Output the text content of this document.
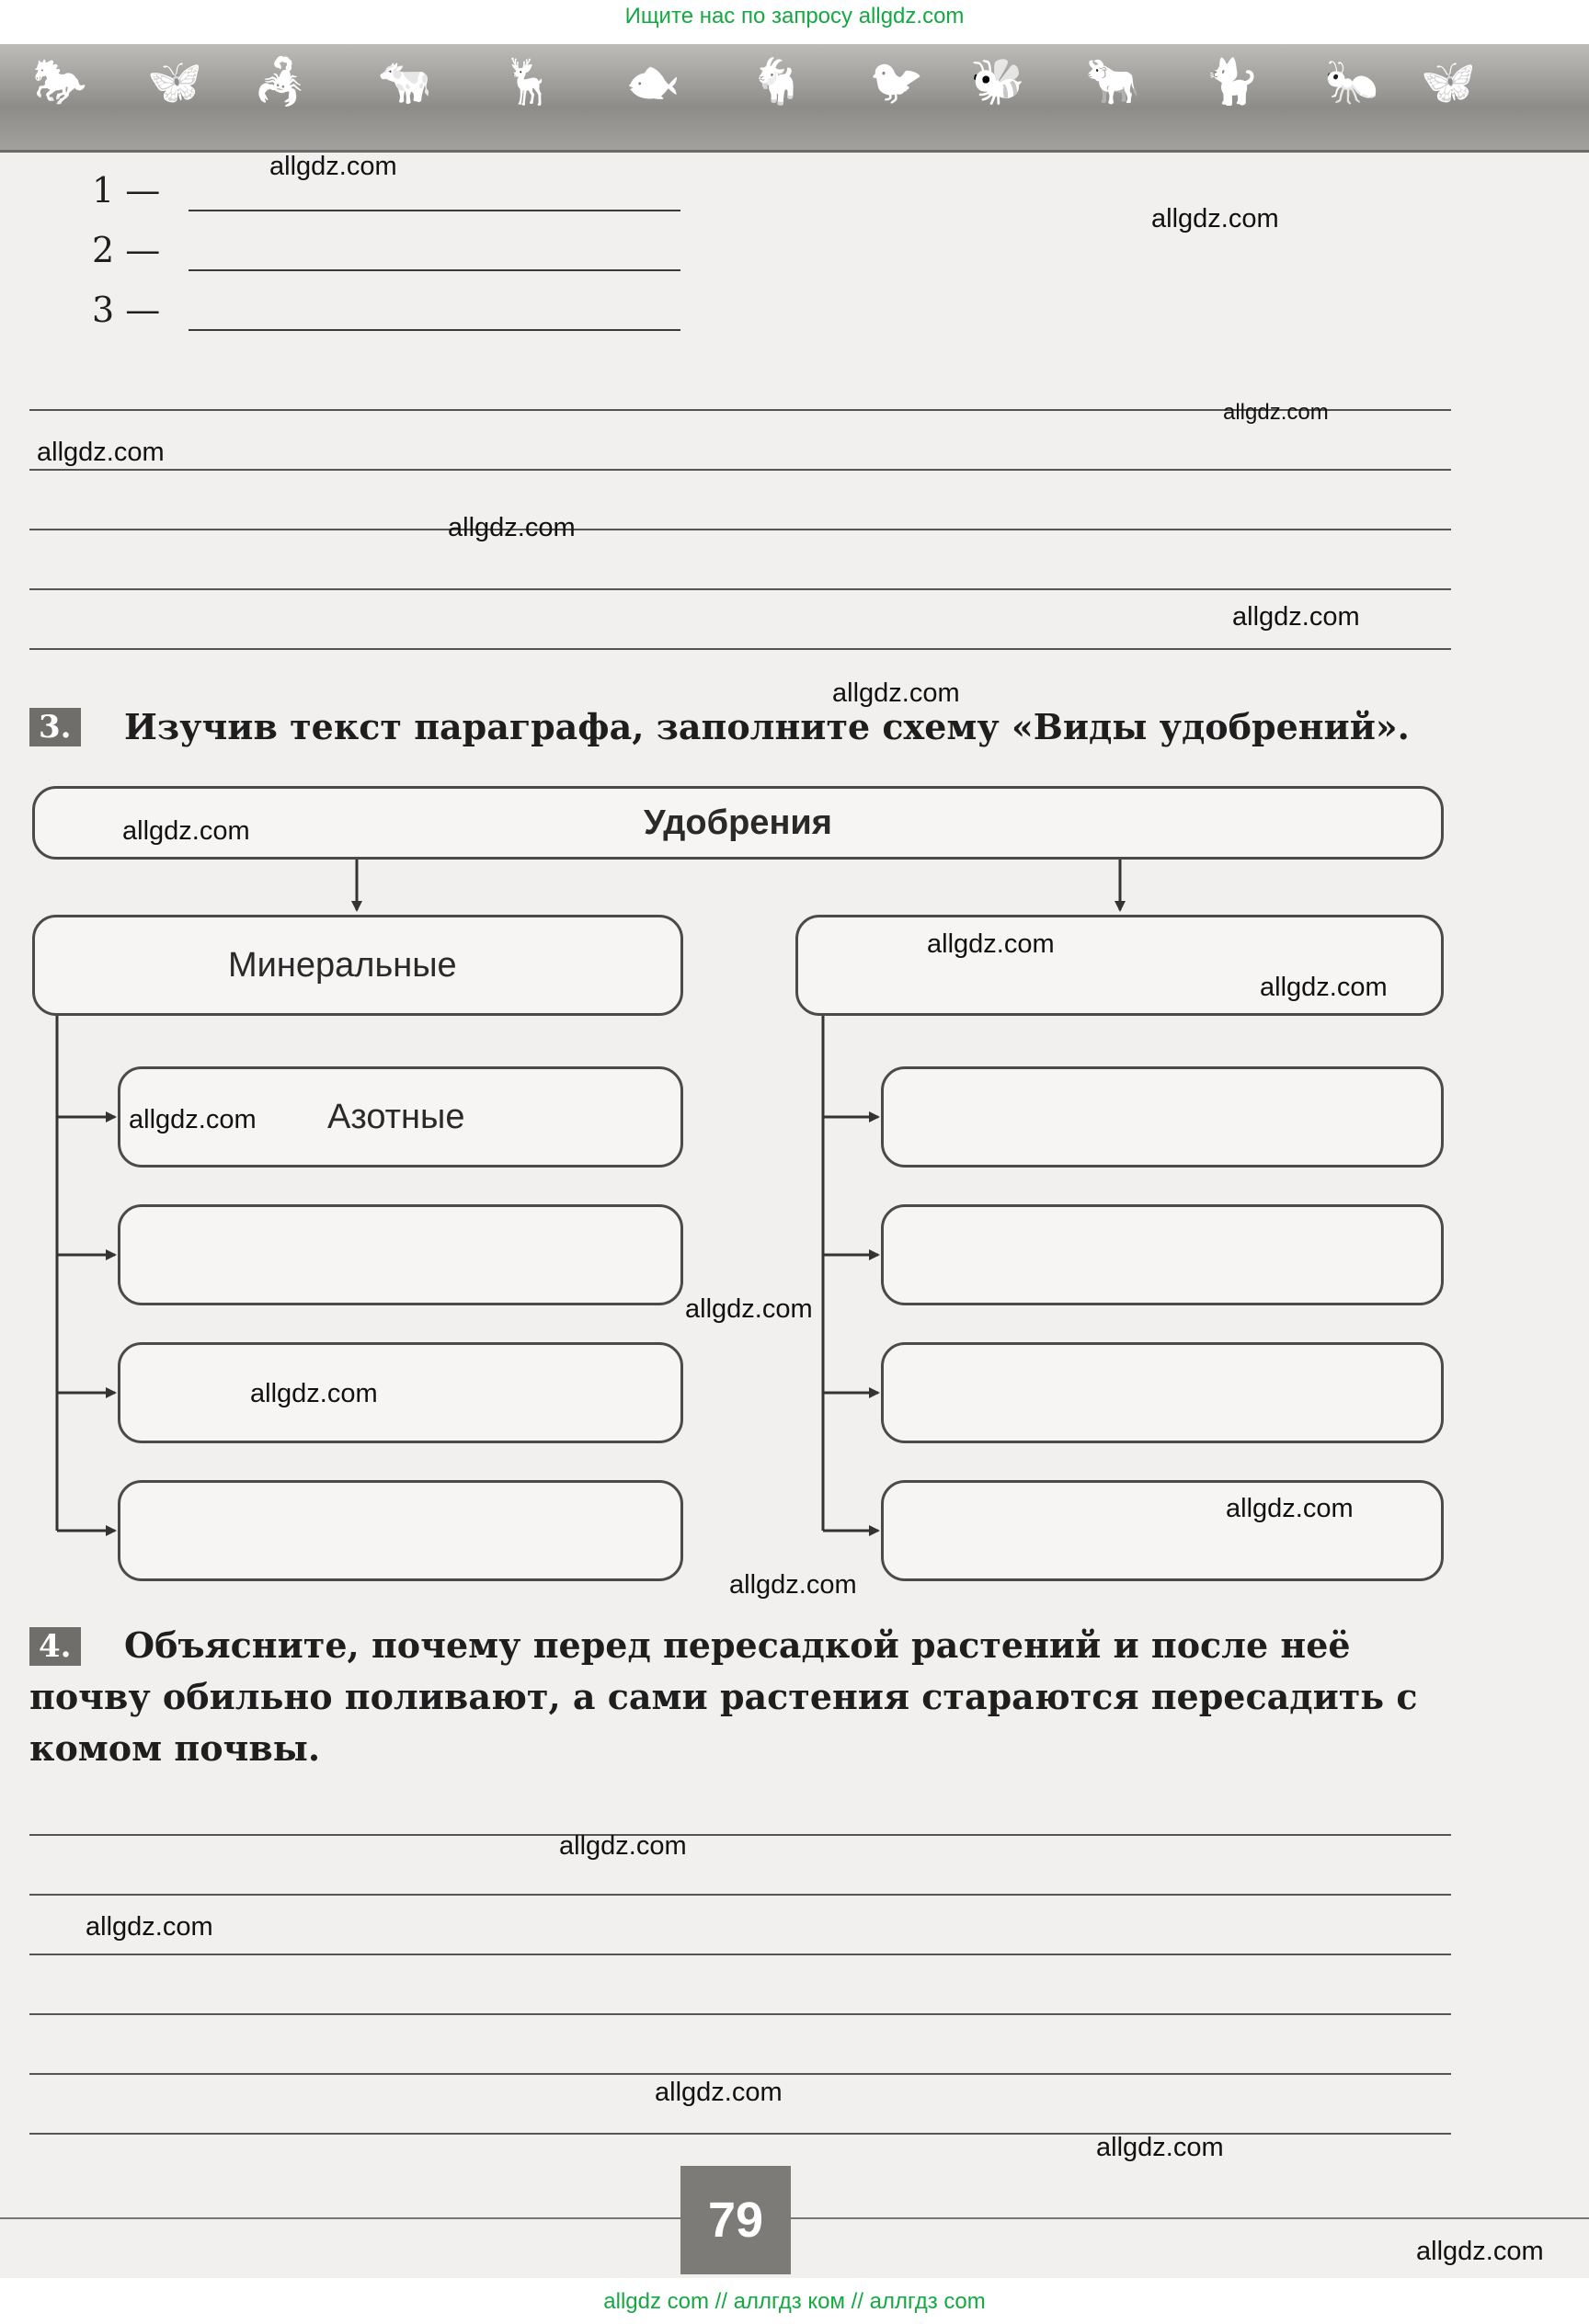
Ищите нас по запросу allgdz.com
🐎 🦋 🦂 🐄 🦌 🐟 🐐 🐦 🐝 🐂 🐈 🐜 🦋
1 —
2 —
3 —
3. Изучив текст параграфа, заполните схему «Виды удобрений».
Удобрения
Минеральные
Азотные
4.	Объясните, почему перед пересадкой растений и после неё почву обильно поливают, а сами растения стараются пересадить с комом почвы.
79
allgdz.com
allgdz.com
allgdz.com
allgdz.com
allgdz.com
allgdz.com
allgdz.com
allgdz.com
allgdz.com
allgdz.com
allgdz.com
allgdz.com
allgdz.com
allgdz.com
allgdz.com
allgdz.com
allgdz.com
allgdz.com
allgdz.com
allgdz.com
allgdz com // аллгдз ком // аллгдз com
